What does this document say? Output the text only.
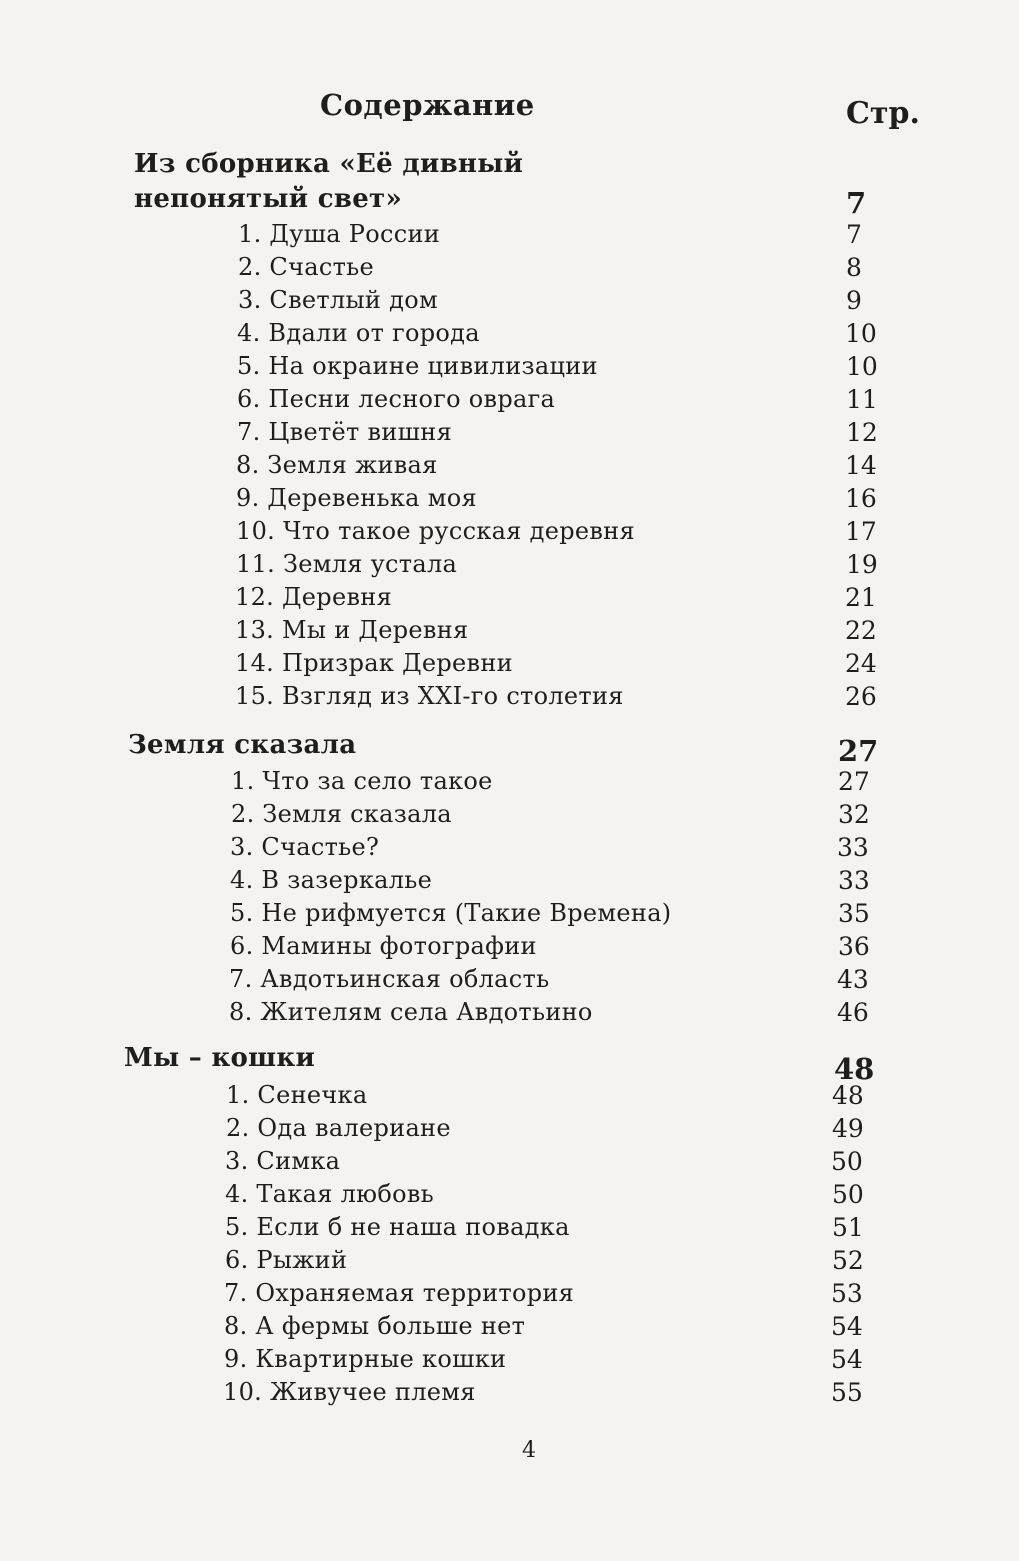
Содержание	Стр.
Из сборника «Её дивный
непонятый свет»	7
1. Душа России	7
2. Счастье	8
3. Светлый дом	9
4. Вдали от города	10
5. На окраине цивилизации	10
6. Песни лесного оврага	11
7. Цветёт вишня	12
8. Земля живая	14
9. Деревенька моя	16
10. Что такое русская деревня	17
11. Земля устала	19
12. Деревня	21
13. Мы и Деревня	22
14. Призрак Деревни	24
15. Взгляд из XXI-го столетия	26
Земля сказала	27
1. Что за село такое	27
2. Земля сказала	32
3. Счастье?	33
4. В зазеркалье	33
5. Не рифмуется (Такие Времена)	35
6. Мамины фотографии	36
7. Авдотьинская область	43
8. Жителям села Авдотьино	46
Мы – кошки	48
1. Сенечка	48
2. Ода валериане	49
3. Симка	50
4. Такая любовь	50
5. Если б не наша повадка	51
6. Рыжий	52
7. Охраняемая территория	53
8. А фермы больше нет	54
9. Квартирные кошки	54
10. Живучее племя	55
4
